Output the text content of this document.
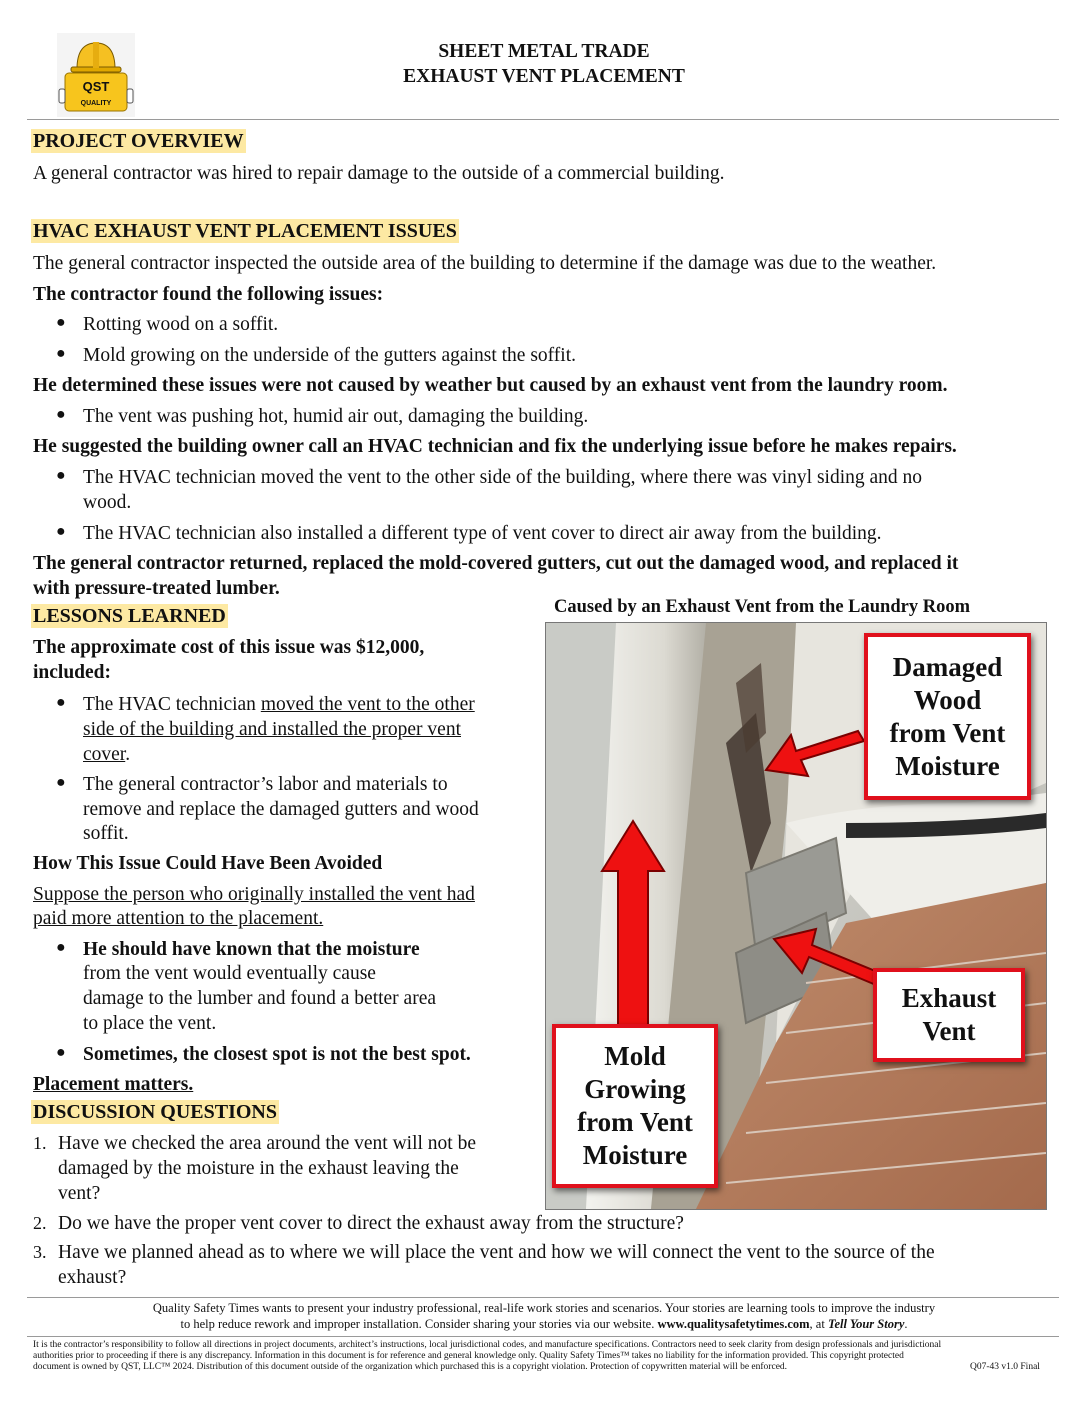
QST
QUALITY
SHEET METAL TRADE
EXHAUST VENT PLACEMENT
PROJECT OVERVIEW
A general contractor was hired to repair damage to the outside of a commercial building.
HVAC EXHAUST VENT PLACEMENT ISSUES
The general contractor inspected the outside area of the building to determine if the damage was due to the weather.
The contractor found the following issues:
● Rotting wood on a soffit.
● Mold growing on the underside of the gutters against the soffit.
He determined these issues were not caused by weather but caused by an exhaust vent from the laundry room.
● The vent was pushing hot, humid air out, damaging the building.
He suggested the building owner call an HVAC technician and fix the underlying issue before he makes repairs.
● The HVAC technician moved the vent to the other side of the building, where there was vinyl siding and no
wood.
● The HVAC technician also installed a different type of vent cover to direct air away from the building.
The general contractor returned, replaced the mold-covered gutters, cut out the damaged wood, and replaced it
with pressure-treated lumber.
LESSONS LEARNED
The approximate cost of this issue was $12,000,
included:
● The HVAC technician moved the vent to the other
side of the building and installed the proper vent
cover.
● The general contractor’s labor and materials to
remove and replace the damaged gutters and wood
soffit.
How This Issue Could Have Been Avoided
Suppose the person who originally installed the vent had
paid more attention to the placement.
● He should have known that the moisture
from the vent would eventually cause
damage to the lumber and found a better area
to place the vent.
● Sometimes, the closest spot is not the best spot.
Placement matters.
DISCUSSION QUESTIONS
1. Have we checked the area around the vent will not be
damaged by the moisture in the exhaust leaving the
vent?
2. Do we have the proper vent cover to direct the exhaust away from the structure?
3. Have we planned ahead as to where we will place the vent and how we will connect the vent to the source of the
exhaust?
Caused by an Exhaust Vent from the Laundry Room
Damaged
Wood
from Vent
Moisture
Exhaust
Vent
Mold
Growing
from Vent
Moisture
Quality Safety Times wants to present your industry professional, real-life work stories and scenarios. Your stories are learning tools to improve the industry
to help reduce rework and improper installation. Consider sharing your stories via our website. www.qualitysafetytimes.com, at Tell Your Story.
It is the contractor’s responsibility to follow all directions in project documents, architect’s instructions, local jurisdictional codes, and manufacture specifications. Contractors need to seek clarity from design professionals and jurisdictional
authorities prior to proceeding if there is any discrepancy. Information in this document is for reference and general knowledge only. Quality Safety Times™ takes no liability for the information provided. This copyright protected
document is owned by QST, LLC™ 2024. Distribution of this document outside of the organization which purchased this is a copyright violation. Protection of copywritten material will be enforced.	Q07-43 v1.0 Final
